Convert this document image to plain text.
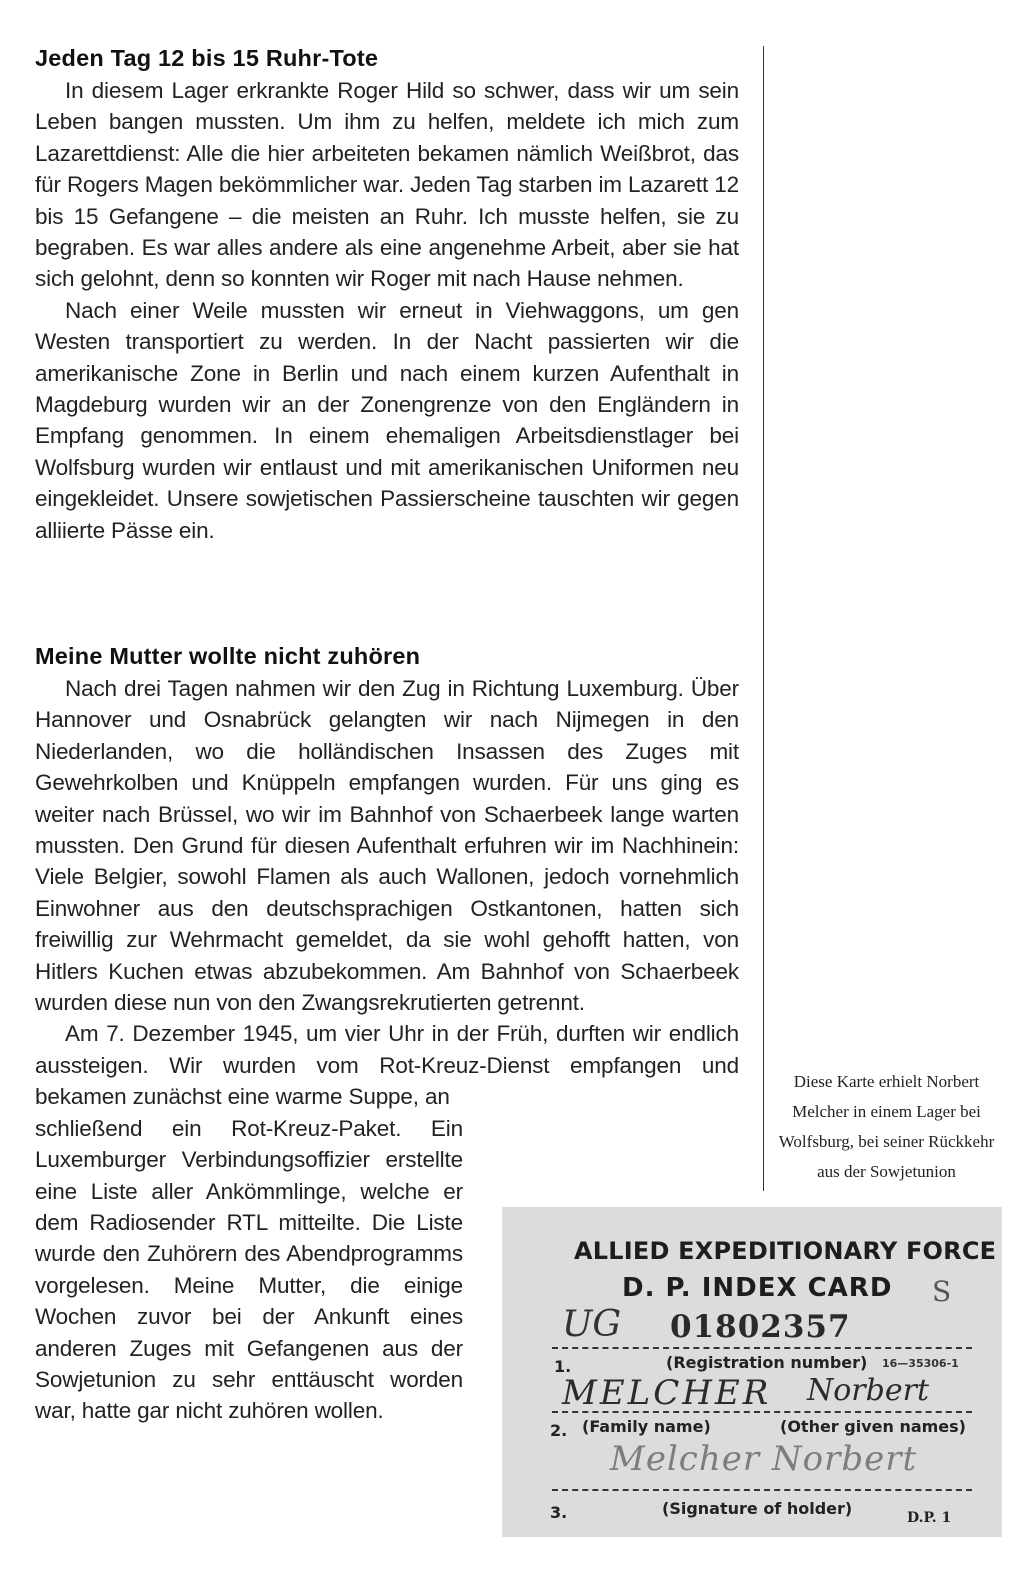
Jeden Tag 12 bis 15 Ruhr-Tote

In diesem Lager erkrankte Roger Hild so schwer, dass wir um sein Leben bangen mussten. Um ihm zu helfen, meldete ich mich zum Lazarettdienst: Alle die hier arbeiteten bekamen nämlich Weißbrot, das für Rogers Magen bekömmlicher war. Jeden Tag starben im Lazarett 12 bis 15 Gefangene – die meisten an Ruhr. Ich musste helfen, sie zu begraben. Es war alles andere als eine angenehme Arbeit, aber sie hat sich gelohnt, denn so konnten wir Roger mit nach Hause nehmen.

Nach einer Weile mussten wir erneut in Viehwaggons, um gen Westen transportiert zu werden. In der Nacht passierten wir die amerikanische Zone in Berlin und nach einem kurzen Aufenthalt in Magdeburg wurden wir an der Zonengrenze von den Engländern in Empfang genommen. In einem ehemaligen Arbeitsdienstlager bei Wolfsburg wurden wir entlaust und mit amerikanischen Uniformen neu eingekleidet. Unsere sowjetischen Passierscheine tauschten wir gegen alliierte Pässe ein.

Meine Mutter wollte nicht zuhören

Nach drei Tagen nahmen wir den Zug in Richtung Luxemburg. Über Hannover und Osnabrück gelangten wir nach Nijmegen in den Niederlanden, wo die holländischen Insassen des Zuges mit Gewehrkolben und Knüppeln empfangen wurden. Für uns ging es weiter nach Brüssel, wo wir im Bahnhof von Schaerbeek lange warten mussten. Den Grund für diesen Aufenthalt erfuhren wir im Nachhinein: Viele Belgier, sowohl Flamen als auch Wallonen, jedoch vornehmlich Einwohner aus den deutschsprachigen Ostkantonen, hatten sich freiwillig zur Wehrmacht gemeldet, da sie wohl gehofft hatten, von Hitlers Kuchen etwas abzubekommen. Am Bahnhof von Schaerbeek wurden diese nun von den Zwangsrekrutierten getrennt.

Am 7. Dezember 1945, um vier Uhr in der Früh, durften wir endlich aussteigen. Wir wurden vom Rot-Kreuz-Dienst empfangen und bekamen zunächst eine warme Suppe, an

schließend ein Rot-Kreuz-Paket. Ein Luxemburger Verbindungsoffizier erstellte eine Liste aller Ankömmlinge, welche er dem Radiosender RTL mitteilte. Die Liste wurde den Zuhörern des Abendprogramms vorgelesen. Meine Mutter, die einige Wochen zuvor bei der Ankunft eines anderen Zuges mit Gefangenen aus der Sowjetunion zu sehr enttäuscht worden war, hatte gar nicht zuhören wollen.

Diese Karte erhielt Norbert Melcher in einem Lager bei Wolfsburg, bei seiner Rückkehr aus der Sowjetunion
ALLIED EXPEDITIONARY FORCE
D. P. INDEX CARD S
UG 01802357
1.	(Registration number) 16—35306-1
MELCHER Norbert
2. (Family name)	(Other given names)
Melcher Norbert
3.	(Signature of holder)	D.P. 1
